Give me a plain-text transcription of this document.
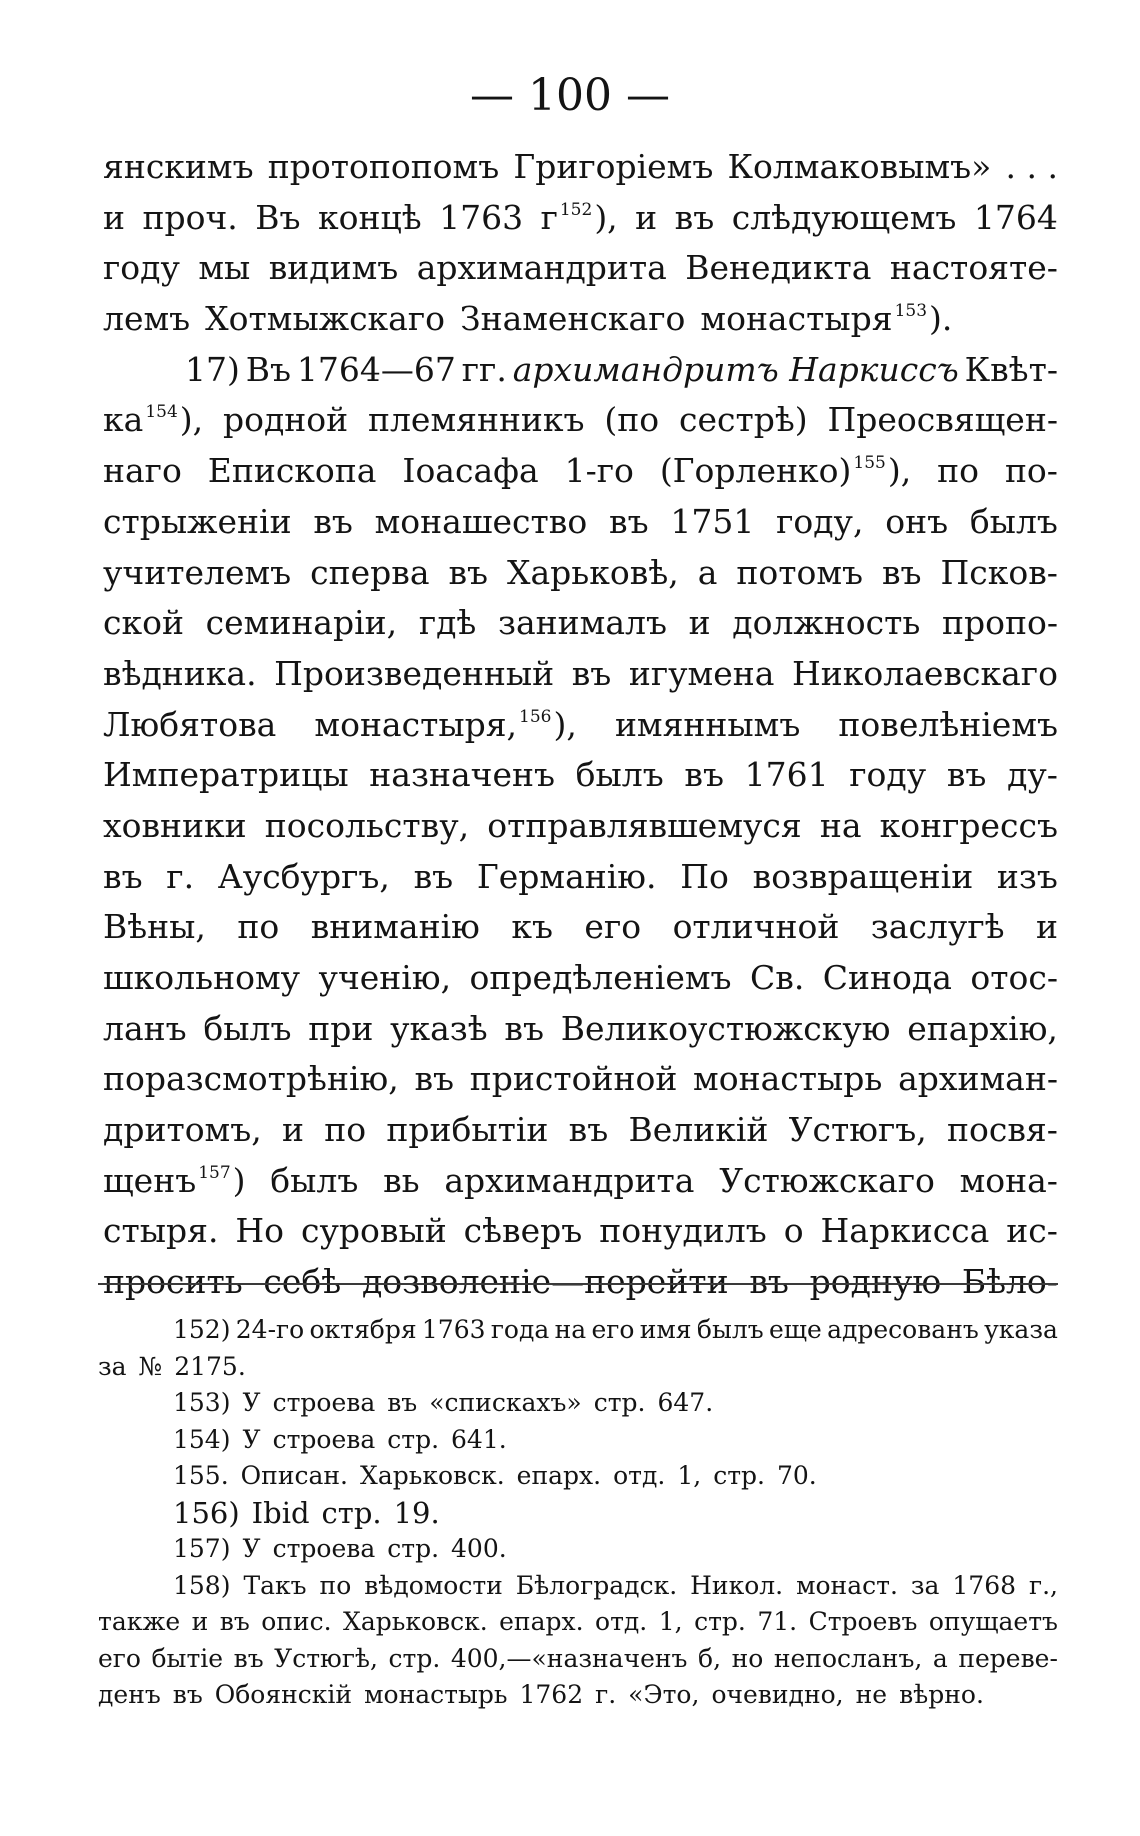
— 100 —
янскимъ протопопомъ Григоріемъ Колмаковымъ» . . .
и проч. Въ концѣ 1763 г $^{152}$), и въ слѣдующемъ 1764
году мы видимъ архимандрита Венедикта настояте-
лемъ Хотмыжскаго Знаменскаго монастыря $^{153}$).
17) Въ 1764—67 гг. архимандритъ Наркиссъ Квѣт-
ка $^{154}$), родной племянникъ (по сестрѣ) Преосвящен-
наго Епископа Іоасафа 1-го (Горленко) $^{155}$), по по-
стрыженіи въ монашество въ 1751 году, онъ былъ
учителемъ сперва въ Харьковѣ, а потомъ въ Псков-
ской семинаріи, гдѣ занималъ и должность пропо-
вѣдника. Произведенный въ игумена Николаевскаго
Любятова монастыря, $^{156}$), имяннымъ повелѣніемъ
Императрицы назначенъ былъ въ 1761 году въ ду-
ховники посольству, отправлявшемуся на конгрессъ
въ г. Аусбургъ, въ Германію. По возвращеніи изъ
Вѣны, по вниманію къ его отличной заслугѣ и
школьному ученію, опредѣленіемъ Св. Синода отос-
ланъ былъ при указѣ въ Великоустюжскую епархію,
поразсмотрѣнію, въ пристойной монастырь архиман-
дритомъ, и по прибытіи въ Великій Устюгъ, посвя-
щенъ $^{157}$) былъ вь архимандрита Устюжскаго мона-
стыря. Но суровый сѣверъ понудилъ о Наркисса ис-
просить себѣ дозволеніе—перейти въ родную Бѣло-
152) 24-го октября 1763 года на его имя былъ еще адресованъ указа
за № 2175.
153) У строева въ «спискахъ» стр. 647.
154) У строева стр. 641.
155. Описан. Харьковск. епарх. отд. 1, стр. 70.
156) Ibid стр. 19.
157) У строева стр. 400.
158) Такъ по вѣдомости Бѣлоградск. Никол. монаст. за 1768 г.,
также и въ опис. Харьковск. епарх. отд. 1, стр. 71. Строевъ опущаетъ
его бытіе въ Устюгѣ, стр. 400,—«назначенъ б, но непосланъ, а переве-
денъ въ Обоянскій монастырь 1762 г. «Это, очевидно, не вѣрно.
